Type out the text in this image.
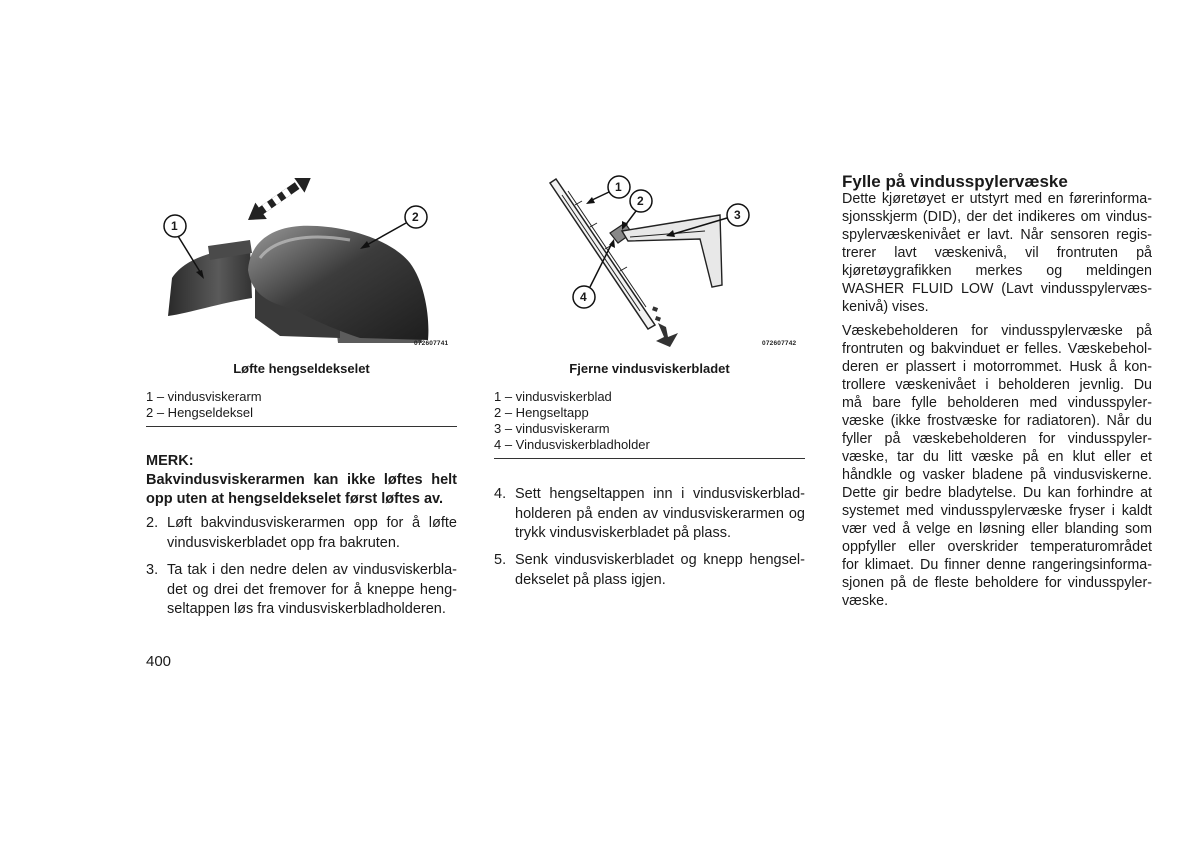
1
2
072607741
Løfte hengseldekselet
1 – vindusviskerarm
2 – Hengseldeksel
MERK:
Bakvindusviskerarmen kan ikke løftes helt
opp uten at hengseldekselet først løftes av.
2. Løft bakvindusviskerarmen opp for å løfte
vindusviskerbladet opp fra bakruten.
3. Ta tak i den nedre delen av vindusviskerbla-
det og drei det fremover for å kneppe heng-
seltappen løs fra vindusviskerbladholderen.
1
2
3
4
072607742
Fjerne vindusviskerbladet
1 – vindusviskerblad
2 – Hengseltapp
3 – vindusviskerarm
4 – Vindusviskerbladholder
4. Sett hengseltappen inn i vindusviskerblad-
holderen på enden av vindusviskerarmen og
trykk vindusviskerbladet på plass.
5. Senk vindusviskerbladet og knepp hengsel-
dekselet på plass igjen.
Fylle på vindusspylervæske
Dette kjøretøyet er utstyrt med en førerinforma-
sjonsskjerm (DID), der det indikeres om vindus-
spylervæskenivået er lavt. Når sensoren regis-
trerer lavt væskenivå, vil frontruten på
kjøretøygrafikken merkes og meldingen
WASHER FLUID LOW (Lavt vindusspylervæs-
kenivå) vises.
Væskebeholderen for vindusspylervæske på
frontruten og bakvinduet er felles. Væskebehol-
deren er plassert i motorrommet. Husk å kon-
trollere væskenivået i beholderen jevnlig. Du
må bare fylle beholderen med vindusspyler-
væske (ikke frostvæske for radiatoren). Når du
fyller på væskebeholderen for vindusspyler-
væske, tar du litt væske på en klut eller et
håndkle og vasker bladene på vindusviskerne.
Dette gir bedre bladytelse. Du kan forhindre at
systemet med vindusspylervæske fryser i kaldt
vær ved å velge en løsning eller blanding som
oppfyller eller overskrider temperaturområdet
for klimaet. Du finner denne rangeringsinforma-
sjonen på de fleste beholdere for vindusspyler-
væske.
400
